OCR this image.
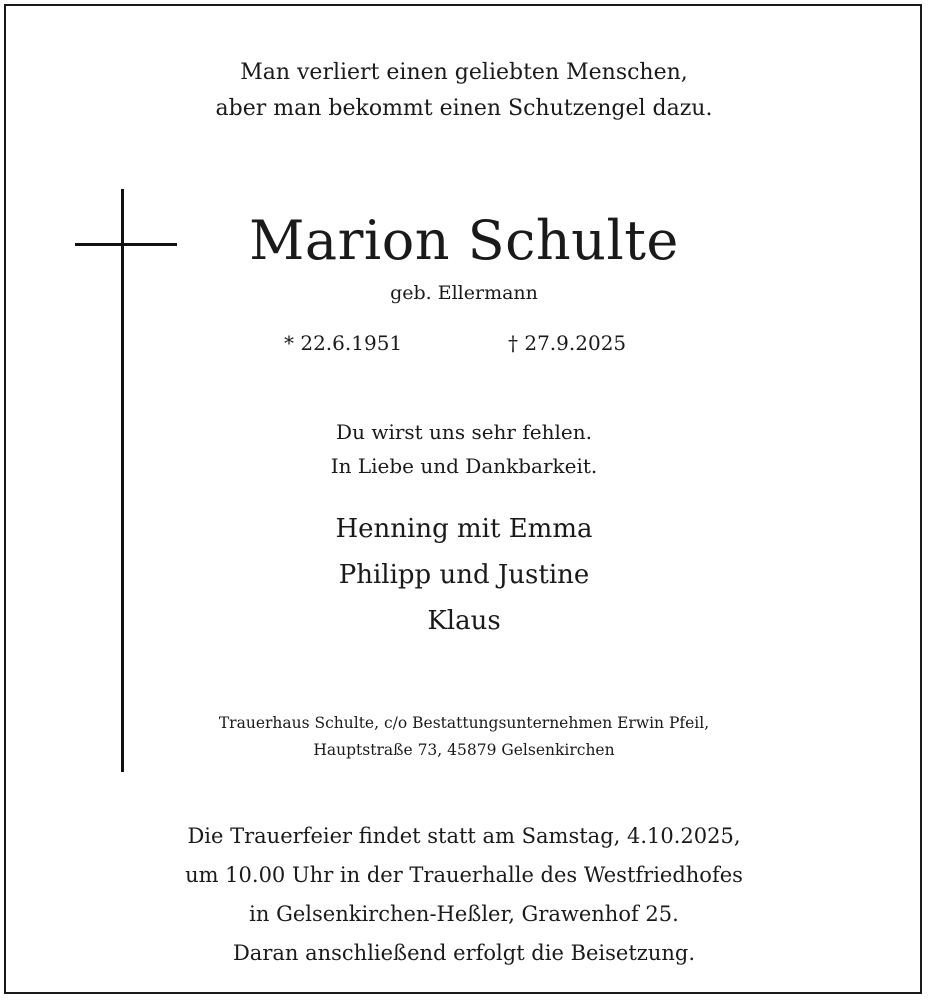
Man verliert einen geliebten Menschen,
aber man bekommt einen Schutzengel dazu.
Marion Schulte
geb. Ellermann
* 22.6.1951	† 27.9.2025
Du wirst uns sehr fehlen.
In Liebe und Dankbarkeit.
Henning mit Emma
Philipp und Justine
Klaus
Trauerhaus Schulte, c/o Bestattungsunternehmen Erwin Pfeil,
Hauptstraße 73, 45879 Gelsenkirchen
Die Trauerfeier findet statt am Samstag, 4.10.2025,
um 10.00 Uhr in der Trauerhalle des Westfriedhofes
in Gelsenkirchen-Heßler, Grawenhof 25.
Daran anschließend erfolgt die Beisetzung.
